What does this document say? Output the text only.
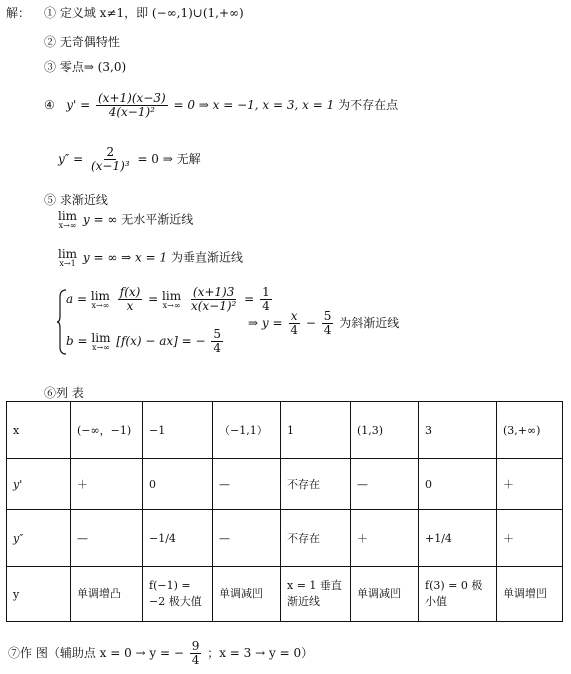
解： ① 定义域 x≠1，即 (−∞,1)∪(1,+∞)
② 无奇偶特性
③ 零点⇒ (3,0)
④ $y' = \frac{(x+1)(x-3)}{\text{4(x−1)²}} = 0$ ⇒ x = −1, x = 3, x = 1 为不存在点
$y'' = \frac{2}{\text{(x−1)³}} = 0$ ⇒ 无解
⑤ 求渐近线
lim
x→∞ y = ∞ 无水平渐近线
lim
x→1 y = ∞ ⇒ x = 1 为垂直渐近线
a = lim
x→∞
$\frac{f(x)}{x} = \lim$
x→∞
$\frac{(x+1)3}{\text{x(x−1)²}} = \frac{1}{4}$
⇒ $y = \frac{x}{4} - \frac{5}{4}$ 为斜渐近线
b = lim
x→∞ [f(x) − ax] = − $\frac{5}{4}$
⑥列 表
x	(−∞，−1)	−1	（−1,1）	1	(1,3)	3	(3,+∞)
y'	＋	0	—	不存在	—	0	＋
y″	—	−1/4	—	不存在	＋	+1/4	＋
y	单调增凸	f(−1) = −2 极大值	单调减凹	x = 1 垂直渐近线	单调减凹	f(3) = 0 极小值	单调增凹
⑦作 图（辅助点 x = 0 → y = − $\frac{9}{4}$ ；x = 3 → y = 0）
